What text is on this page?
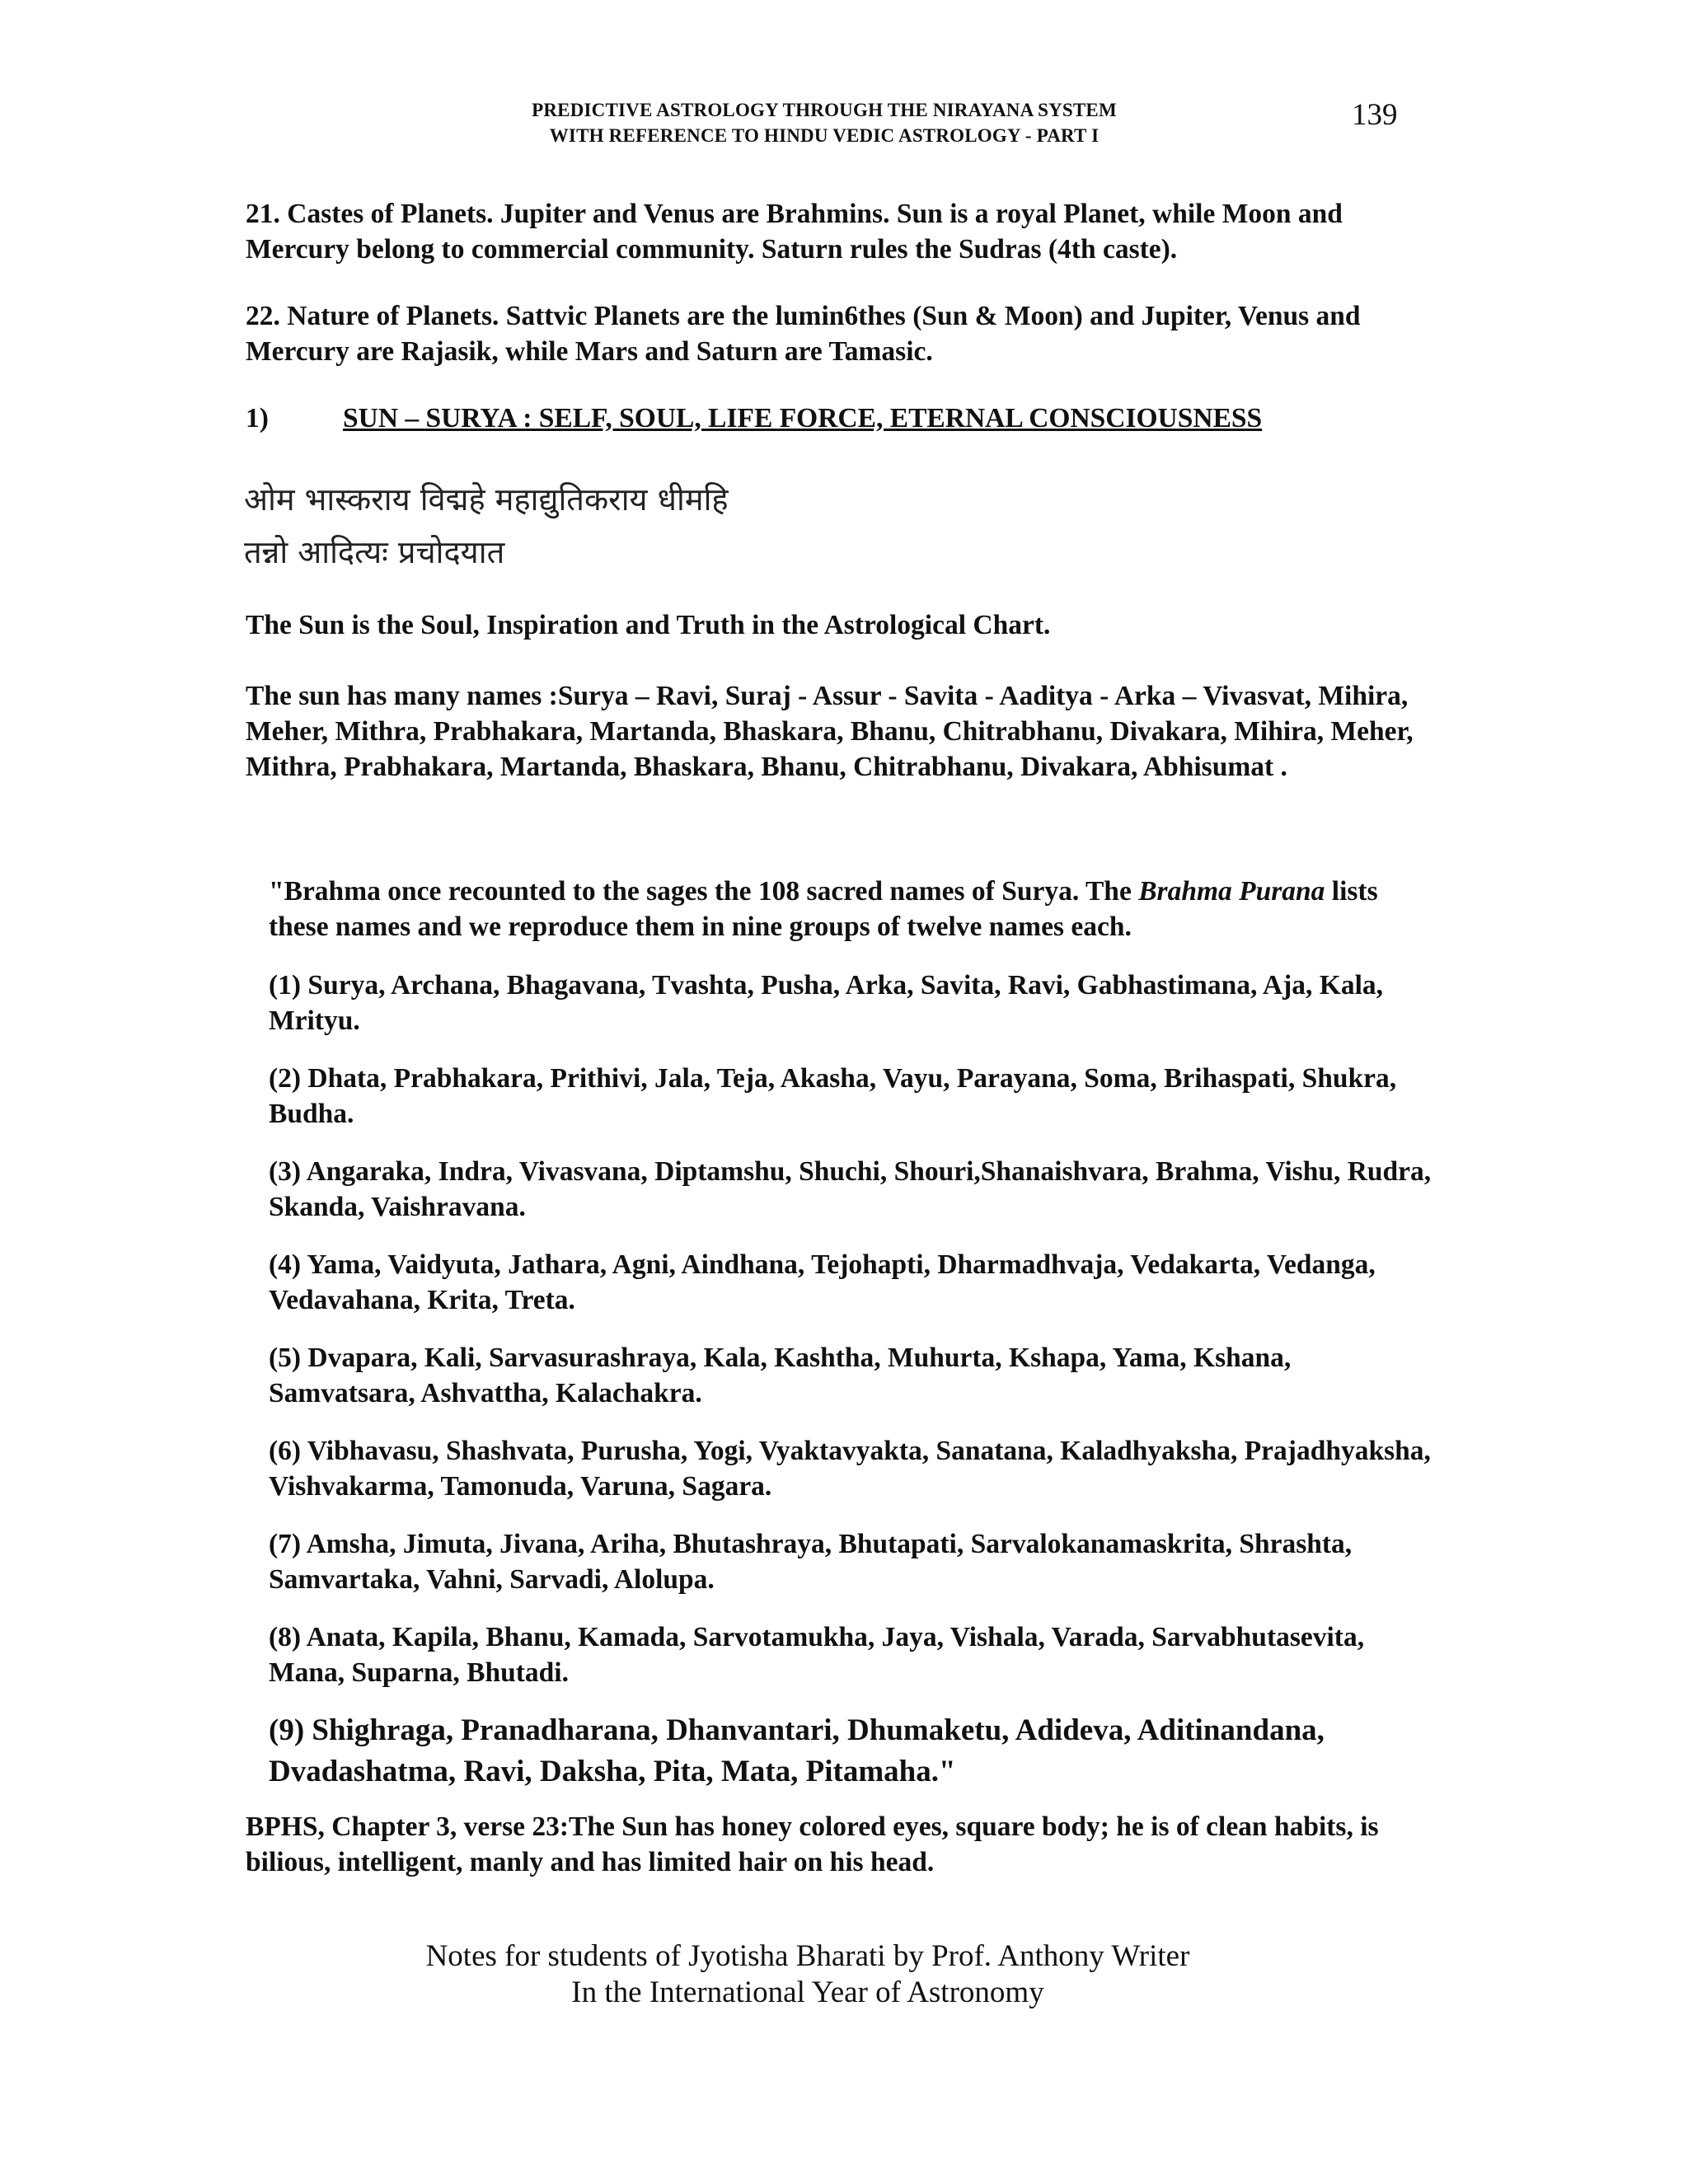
PREDICTIVE ASTROLOGY THROUGH THE NIRAYANA SYSTEM
WITH REFERENCE TO HINDU VEDIC ASTROLOGY - PART I
139
21. Castes of Planets. Jupiter and Venus are Brahmins. Sun is a royal Planet, while Moon and Mercury belong to commercial community. Saturn rules the Sudras (4th caste).
22. Nature of Planets. Sattvic Planets are the lumin6thes (Sun & Moon) and Jupiter, Venus and Mercury are Rajasik, while Mars and Saturn are Tamasic.
1)	SUN – SURYA : SELF, SOUL, LIFE FORCE, ETERNAL CONSCIOUSNESS
ओम भास्कराय विद्महे महाद्युतिकराय धीमहि
तन्नो आदित्यः प्रचोदयात
The Sun is the Soul, Inspiration and Truth in the Astrological Chart.
The sun has many names :Surya – Ravi, Suraj - Assur - Savita - Aaditya - Arka – Vivasvat, Mihira, Meher, Mithra, Prabhakara, Martanda, Bhaskara, Bhanu, Chitrabhanu, Divakara, Mihira, Meher, Mithra, Prabhakara, Martanda, Bhaskara, Bhanu, Chitrabhanu, Divakara, Abhisumat .
"Brahma once recounted to the sages the 108 sacred names of Surya. The Brahma Purana lists these names and we reproduce them in nine groups of twelve names each.
(1) Surya, Archana, Bhagavana, Tvashta, Pusha, Arka, Savita, Ravi, Gabhastimana, Aja, Kala, Mrityu.
(2) Dhata, Prabhakara, Prithivi, Jala, Teja, Akasha, Vayu, Parayana, Soma, Brihaspati, Shukra, Budha.
(3) Angaraka, Indra, Vivasvana, Diptamshu, Shuchi, Shouri,Shanaishvara, Brahma, Vishu, Rudra, Skanda, Vaishravana.
(4) Yama, Vaidyuta, Jathara, Agni, Aindhana, Tejohapti, Dharmadhvaja, Vedakarta, Vedanga, Vedavahana, Krita, Treta.
(5) Dvapara, Kali, Sarvasurashraya, Kala, Kashtha, Muhurta, Kshapa, Yama, Kshana, Samvatsara, Ashvattha, Kalachakra.
(6) Vibhavasu, Shashvata, Purusha, Yogi, Vyaktavyakta, Sanatana, Kaladhyaksha, Prajadhyaksha, Vishvakarma, Tamonuda, Varuna, Sagara.
(7) Amsha, Jimuta, Jivana, Ariha, Bhutashraya, Bhutapati, Sarvalokanamaskrita, Shrashta, Samvartaka, Vahni, Sarvadi, Alolupa.
(8) Anata, Kapila, Bhanu, Kamada, Sarvotamukha, Jaya, Vishala, Varada, Sarvabhutasevita, Mana, Suparna, Bhutadi.
(9) Shighraga, Pranadharana, Dhanvantari, Dhumaketu, Adideva, Aditinandana, Dvadashatma, Ravi, Daksha, Pita, Mata, Pitamaha."
BPHS, Chapter 3, verse 23:The Sun has honey colored eyes, square body; he is of clean habits, is bilious, intelligent, manly and has limited hair on his head.
Notes for students of Jyotisha Bharati by Prof. Anthony Writer
In the International Year of Astronomy
